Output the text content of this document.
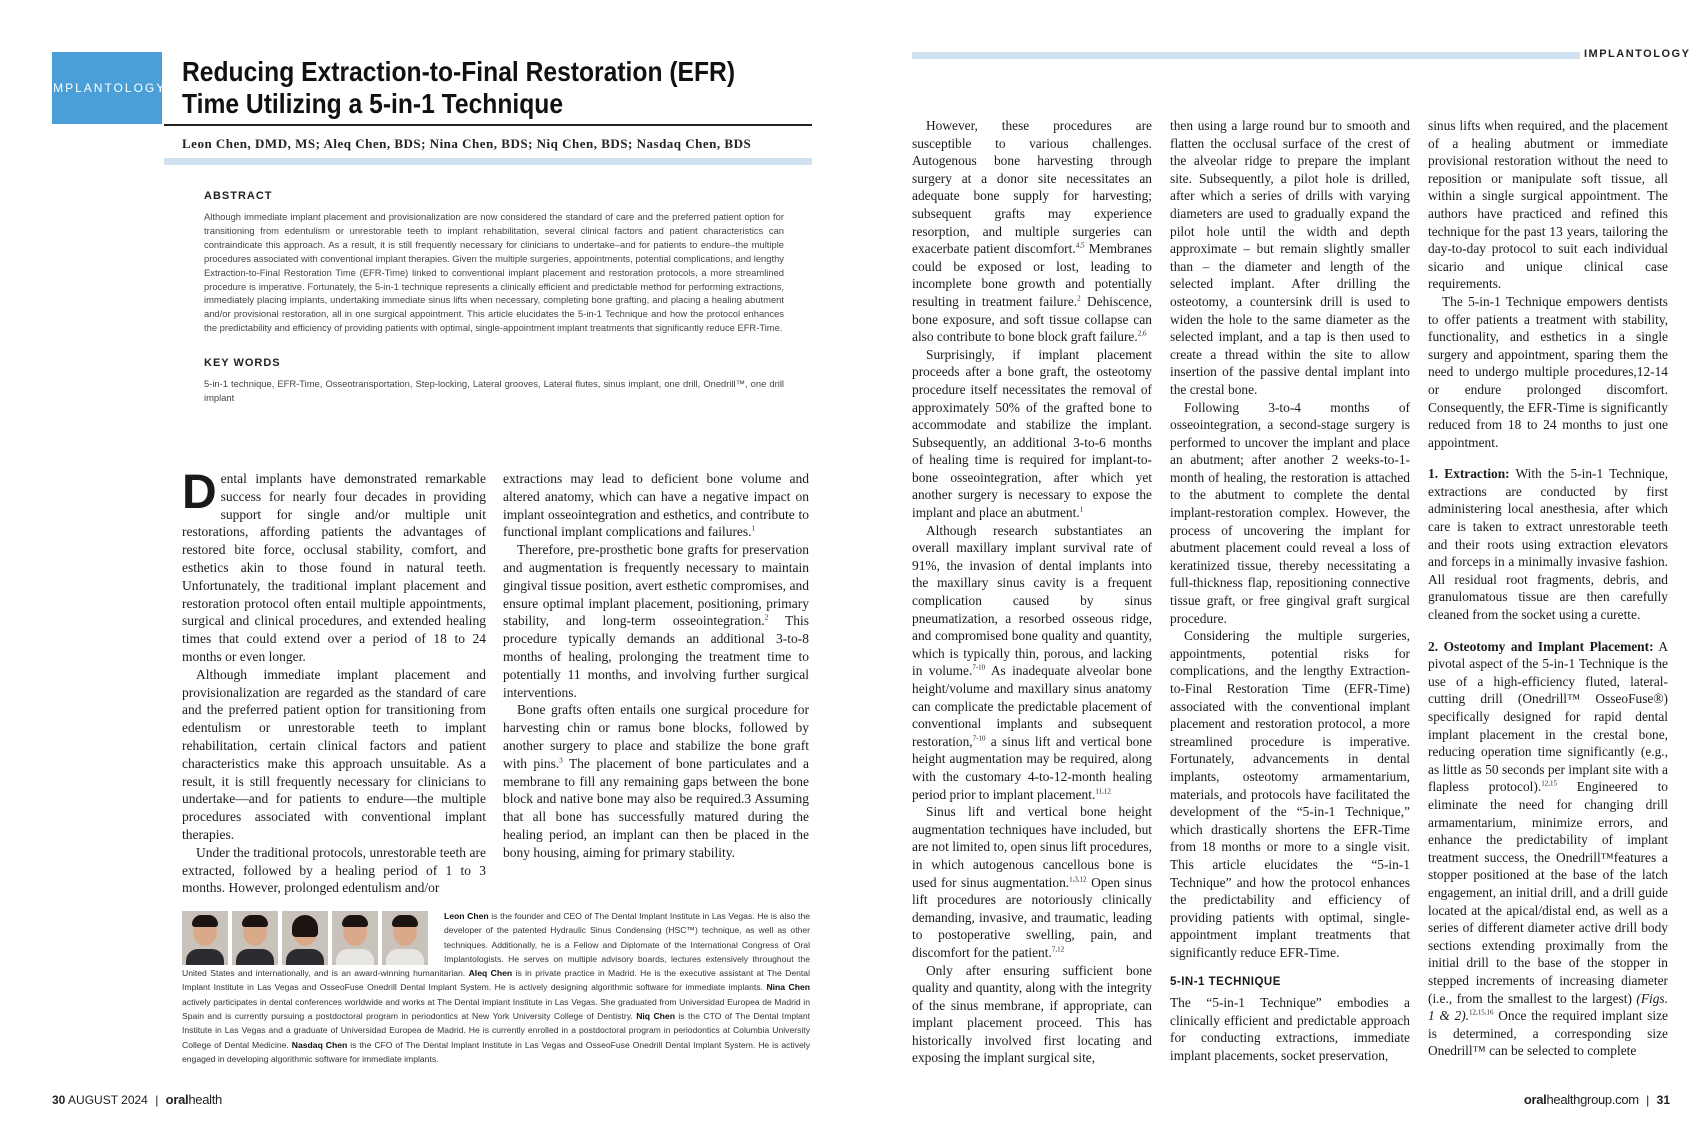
IMPLANTOLOGY
Reducing Extraction-to-Final Restoration (EFR)
Time Utilizing a 5-in-1 Technique
Leon Chen, DMD, MS; Aleq Chen, BDS; Nina Chen, BDS; Niq Chen, BDS; Nasdaq Chen, BDS
ABSTRACT
Although immediate implant placement and provisionalization are now considered the standard of care and the preferred patient option for transitioning from edentulism or unrestorable teeth to implant rehabilitation, several clinical factors and patient characteristics can contraindicate this approach. As a result, it is still frequently necessary for clinicians to undertake–and for patients to endure–the multiple procedures associated with conventional implant therapies. Given the multiple surgeries, appointments, potential complications, and lengthy Extraction-to-Final Restoration Time (EFR-Time) linked to conventional implant placement and restoration protocols, a more streamlined procedure is imperative. Fortunately, the 5-in-1 technique represents a clinically efficient and predictable method for performing extractions, immediately placing implants, undertaking immediate sinus lifts when necessary, completing bone grafting, and placing a healing abutment and/or provisional restoration, all in one surgical appointment. This article elucidates the 5-in-1 Technique and how the protocol enhances the predictability and efficiency of providing patients with optimal, single-appointment implant treatments that significantly reduce EFR-Time.
KEY WORDS
5-in-1 technique, EFR-Time, Osseotransportation, Step-locking, Lateral grooves, Lateral flutes, sinus implant, one drill, Onedrill™, one drill implant

Dental implants have demonstrated remarkable success for nearly four decades in providing support for single and/or multiple unit restorations, affording patients the advantages of restored bite force, occlusal stability, comfort, and esthetics akin to those found in natural teeth. Unfortunately, the traditional implant placement and restoration protocol often entail multiple appointments, surgical and clinical procedures, and extended healing times that could extend over a period of 18 to 24 months or even longer.

Although immediate implant placement and provisionalization are regarded as the standard of care and the preferred patient option for transitioning from edentulism or unrestorable teeth to implant rehabilitation, certain clinical factors and patient characteristics make this approach unsuitable. As a result, it is still frequently necessary for clinicians to undertake—and for patients to endure—the multiple procedures associated with conventional implant therapies.

Under the traditional protocols, unrestorable teeth are extracted, followed by a healing period of 1 to 3 months. However, prolonged edentulism and/or

extractions may lead to deficient bone volume and altered anatomy, which can have a negative impact on implant osseointegration and esthetics, and contribute to functional implant complications and failures.$^1$

Therefore, pre-prosthetic bone grafts for preservation and augmentation is frequently necessary to maintain gingival tissue position, avert esthetic compromises, and ensure optimal implant placement, positioning, primary stability, and long-term osseointegration.$^2$ This procedure typically demands an additional 3-to-8 months of healing, prolonging the treatment time to potentially 11 months, and involving further surgical interventions.

Bone grafts often entails one surgical procedure for harvesting chin or ramus bone blocks, followed by another surgery to place and stabilize the bone graft with pins.$^3$ The placement of bone particulates and a membrane to fill any remaining gaps between the bone block and native bone may also be required.3 Assuming that all bone has successfully matured during the healing period, an implant can then be placed in the bony housing, aiming for primary stability.

Leon Chen is the founder and CEO of The Dental Implant Institute in Las Vegas. He is also the developer of the patented Hydraulic Sinus Condensing (HSC™) technique, as well as other techniques. Additionally, he is a Fellow and Diplomate of the International Congress of Oral Implantologists. He serves on multiple advisory boards, lectures extensively throughout the United States and internationally, and is an award-winning humanitarian. Aleq Chen is in private practice in Madrid. He is the executive assistant at The Dental Implant Institute in Las Vegas and OsseoFuse Onedrill Dental Implant System. He is actively designing algorithmic software for immediate implants. Nina Chen actively participates in dental conferences worldwide and works at The Dental Implant Institute in Las Vegas. She graduated from Universidad Europea de Madrid in Spain and is currently pursuing a postdoctoral program in periodontics at New York University College of Dentistry. Niq Chen is the CTO of The Dental Implant Institute in Las Vegas and a graduate of Universidad Europea de Madrid. He is currently enrolled in a postdoctoral program in periodontics at Columbia University College of Dental Medicine. Nasdaq Chen is the CFO of The Dental Implant Institute in Las Vegas and OsseoFuse Onedrill Dental Implant System. He is actively engaged in developing algorithmic software for immediate implants.
30 AUGUST 2024 | oralhealth
IMPLANTOLOGY

However, these procedures are susceptible to various challenges. Autogenous bone harvesting through surgery at a donor site necessitates an adequate bone supply for harvesting; subsequent grafts may experience resorption, and multiple surgeries can exacerbate patient discomfort.$^{4,5}$ Membranes could be exposed or lost, leading to incomplete bone growth and potentially resulting in treatment failure.$^2$ Dehiscence, bone exposure, and soft tissue collapse can also contribute to bone block graft failure.$^{2,6}$

Surprisingly, if implant placement proceeds after a bone graft, the osteotomy procedure itself necessitates the removal of approximately 50% of the grafted bone to accommodate and stabilize the implant. Subsequently, an additional 3-to-6 months of healing time is required for implant-to-bone osseointegration, after which yet another surgery is necessary to expose the implant and place an abutment.$^1$

Although research substantiates an overall maxillary implant survival rate of 91%, the invasion of dental implants into the maxillary sinus cavity is a frequent complication caused by sinus pneumatization, a resorbed osseous ridge, and compromised bone quality and quantity, which is typically thin, porous, and lacking in volume.$^{7-10}$ As inadequate alveolar bone height/volume and maxillary sinus anatomy can complicate the predictable placement of conventional implants and subsequent restoration,$^{7-10}$ a sinus lift and vertical bone height augmentation may be required, along with the customary 4-to-12-month healing period prior to implant placement.$^{11,12}$

Sinus lift and vertical bone height augmentation techniques have included, but are not limited to, open sinus lift procedures, in which autogenous cancellous bone is used for sinus augmentation.$^{1,3,12}$ Open sinus lift procedures are notoriously clinically demanding, invasive, and traumatic, leading to postoperative swelling, pain, and discomfort for the patient.$^{7,12}$

Only after ensuring sufficient bone quality and quantity, along with the integrity of the sinus membrane, if appropriate, can implant placement proceed. This has historically involved first locating and exposing the implant surgical site,

then using a large round bur to smooth and flatten the occlusal surface of the crest of the alveolar ridge to prepare the implant site. Subsequently, a pilot hole is drilled, after which a series of drills with varying diameters are used to gradually expand the pilot hole until the width and depth approximate – but remain slightly smaller than – the diameter and length of the selected implant. After drilling the osteotomy, a countersink drill is used to widen the hole to the same diameter as the selected implant, and a tap is then used to create a thread within the site to allow insertion of the passive dental implant into the crestal bone.

Following 3-to-4 months of osseointegration, a second-stage surgery is performed to uncover the implant and place an abutment; after another 2 weeks-to-1-month of healing, the restoration is attached to the abutment to complete the dental implant-restoration complex. However, the process of uncovering the implant for abutment placement could reveal a loss of keratinized tissue, thereby necessitating a full-thickness flap, repositioning connective tissue graft, or free gingival graft surgical procedure.

Considering the multiple surgeries, appointments, potential risks for complications, and the lengthy Extraction-to-Final Restoration Time (EFR-Time) associated with the conventional implant placement and restoration protocol, a more streamlined procedure is imperative. Fortunately, advancements in dental implants, osteotomy armamentarium, materials, and protocols have facilitated the development of the “5-in-1 Technique,” which drastically shortens the EFR-Time from 18 months or more to a single visit. This article elucidates the “5-in-1 Technique” and how the protocol enhances the predictability and efficiency of providing patients with optimal, single-appointment implant treatments that significantly reduce EFR-Time.

5-IN-1 TECHNIQUE

The “5-in-1 Technique” embodies a clinically efficient and predictable approach for conducting extractions, immediate implant placements, socket preservation,

sinus lifts when required, and the placement of a healing abutment or immediate provisional restoration without the need to reposition or manipulate soft tissue, all within a single surgical appointment. The authors have practiced and refined this technique for the past 13 years, tailoring the day-to-day protocol to suit each individual sicario and unique clinical case requirements.

The 5-in-1 Technique empowers dentists to offer patients a treatment with stability, functionality, and esthetics in a single surgery and appointment, sparing them the need to undergo multiple procedures,12-14 or endure prolonged discomfort. Consequently, the EFR-Time is significantly reduced from 18 to 24 months to just one appointment.

1. Extraction: With the 5-in-1 Technique, extractions are conducted by first administering local anesthesia, after which care is taken to extract unrestorable teeth and their roots using extraction elevators and forceps in a minimally invasive fashion. All residual root fragments, debris, and granulomatous tissue are then carefully cleaned from the socket using a curette.

2. Osteotomy and Implant Placement: A pivotal aspect of the 5-in-1 Technique is the use of a high-efficiency fluted, lateral-cutting drill (Onedrill™ OsseoFuse®) specifically designed for rapid dental implant placement in the crestal bone, reducing operation time significantly (e.g., as little as 50 seconds per implant site with a flapless protocol).$^{12,15}$ Engineered to eliminate the need for changing drill armamentarium, minimize errors, and enhance the predictability of implant treatment success, the Onedrill™features a stopper positioned at the base of the latch engagement, an initial drill, and a drill guide located at the apical/distal end, as well as a series of different diameter active drill body sections extending proximally from the initial drill to the base of the stopper in stepped increments of increasing diameter (i.e., from the smallest to the largest) (Figs. 1 & 2).$^{12,15,16}$ Once the required implant size is determined, a corresponding size Onedrill™ can be selected to complete

oralhealthgroup.com | 31
